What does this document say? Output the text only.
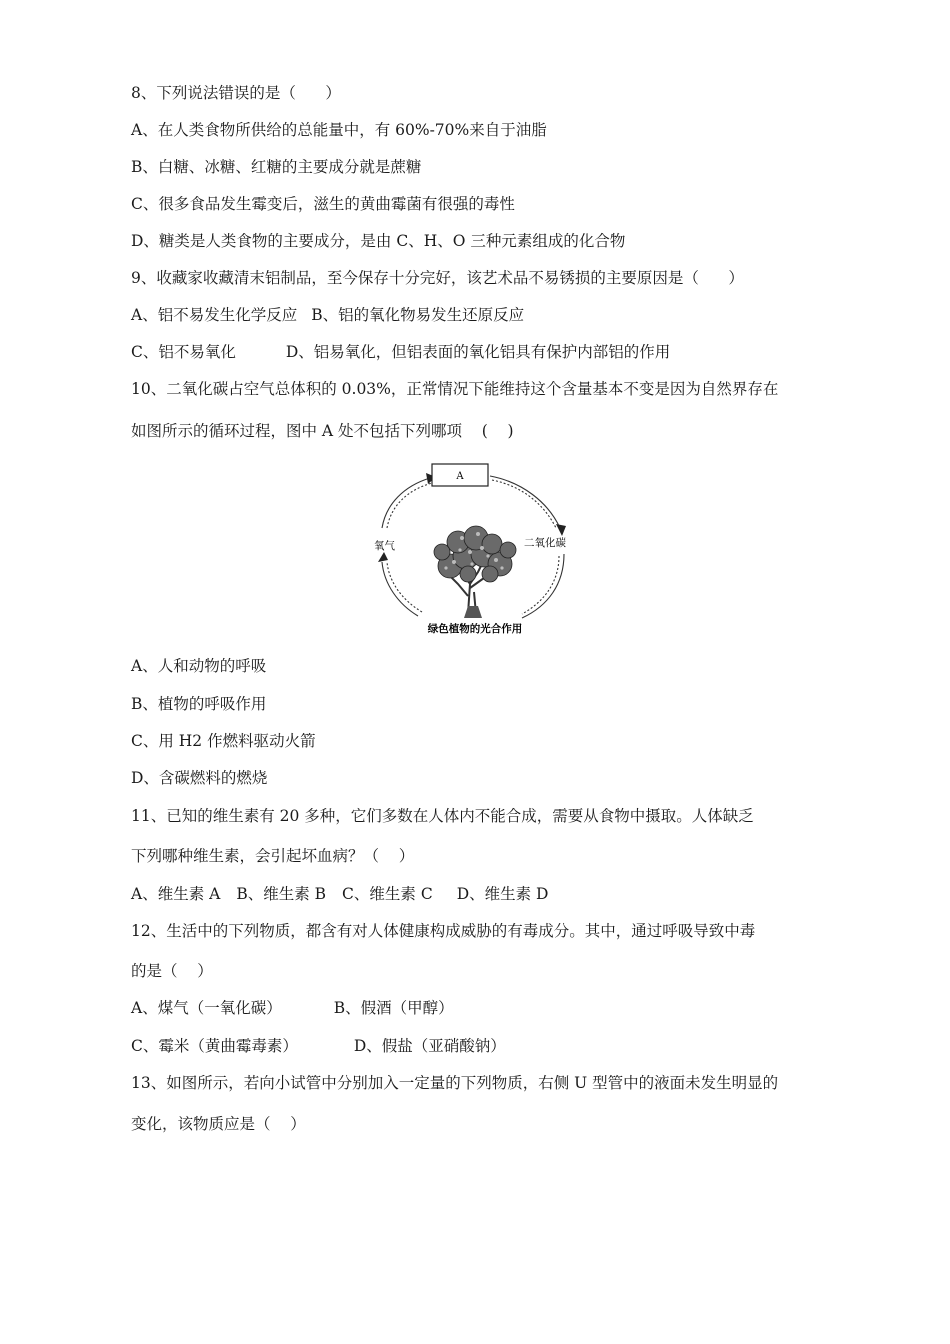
8、下列说法错误的是（      ）
A、在人类食物所供给的总能量中，有 60%-70%来自于油脂
B、白糖、冰糖、红糖的主要成分就是蔗糖
C、很多食品发生霉变后，滋生的黄曲霉菌有很强的毒性
D、糖类是人类食物的主要成分，是由 C、H、O 三种元素组成的化合物
9、收藏家收藏清末铝制品，至今保存十分完好，该艺术品不易锈损的主要原因是（      ）
A、铝不易发生化学反应 B、铝的氧化物易发生还原反应
C、铝不易氧化	D、铝易氧化，但铝表面的氧化铝具有保护内部铝的作用
10、二氧化碳占空气总体积的 0.03%，正常情况下能维持这个含量基本不变是因为自然界存在
如图所示的循环过程，图中 A 处不包括下列哪项    (    )
A
二氧化碳
氧气
绿色植物的光合作用
A、人和动物的呼吸
B、植物的呼吸作用
C、用 H2 作燃料驱动火箭
D、含碳燃料的燃烧
11、已知的维生素有 20 多种，它们多数在人体内不能合成，需要从食物中摄取。人体缺乏
下列哪种维生素，会引起坏血病？（    ）
A、维生素 A B、维生素 B C、维生素 C D、维生素 D
12、生活中的下列物质，都含有对人体健康构成威胁的有毒成分。其中，通过呼吸导致中毒
的是（    ）
A、煤气（一氧化碳）	B、假酒（甲醇）
C、霉米（黄曲霉毒素）	D、假盐（亚硝酸钠）
13、如图所示，若向小试管中分别加入一定量的下列物质，右侧 U 型管中的液面未发生明显的
变化，该物质应是（    ）
